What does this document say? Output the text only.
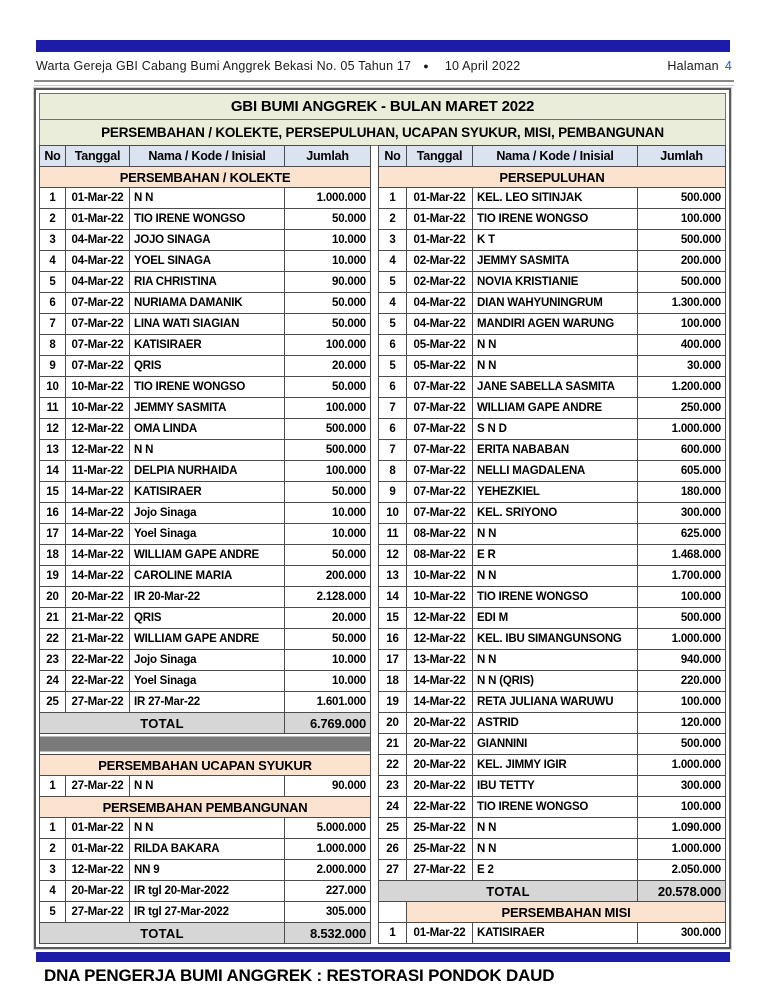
Warta Gereja GBI Cabang Bumi Anggrek Bekasi No. 05 Tahun 17 ● 10 April 2022	Halaman 4
GBI BUMI ANGGREK - BULAN MARET 2022
PERSEMBAHAN / KOLEKTE, PERSEPULUHAN, UCAPAN SYUKUR, MISI, PEMBANGUNAN
No	Tanggal	Nama / Kode / Inisial	Jumlah
PERSEMBAHAN / KOLEKTE			
1	01-Mar-22	N N	1.000.000
2	01-Mar-22	TIO IRENE WONGSO	50.000
3	04-Mar-22	JOJO SINAGA	10.000
4	04-Mar-22	YOEL SINAGA	10.000
5	04-Mar-22	RIA CHRISTINA	90.000
6	07-Mar-22	NURIAMA DAMANIK	50.000
7	07-Mar-22	LINA WATI SIAGIAN	50.000
8	07-Mar-22	KATISIRAER	100.000
9	07-Mar-22	QRIS	20.000
10	10-Mar-22	TIO IRENE WONGSO	50.000
11	10-Mar-22	JEMMY SASMITA	100.000
12	12-Mar-22	OMA LINDA	500.000
13	12-Mar-22	N N	500.000
14	11-Mar-22	DELPIA NURHAIDA	100.000
15	14-Mar-22	KATISIRAER	50.000
16	14-Mar-22	Jojo Sinaga	10.000
17	14-Mar-22	Yoel Sinaga	10.000
18	14-Mar-22	WILLIAM GAPE ANDRE	50.000
19	14-Mar-22	CAROLINE MARIA	200.000
20	20-Mar-22	IR 20-Mar-22	2.128.000
21	21-Mar-22	QRIS	20.000
22	21-Mar-22	WILLIAM GAPE ANDRE	50.000
23	22-Mar-22	Jojo Sinaga	10.000
24	22-Mar-22	Yoel Sinaga	10.000
25	27-Mar-22	IR 27-Mar-22	1.601.000
TOTAL			6.769.000

PERSEMBAHAN UCAPAN SYUKUR			
1	27-Mar-22	N N	90.000
PERSEMBAHAN PEMBANGUNAN			
1	01-Mar-22	N N	5.000.000
2	01-Mar-22	RILDA BAKARA	1.000.000
3	12-Mar-22	NN 9	2.000.000
4	20-Mar-22	IR tgl 20-Mar-2022	227.000
5	27-Mar-22	IR tgl 27-Mar-2022	305.000
TOTAL			8.532.000
No	Tanggal	Nama / Kode / Inisial	Jumlah
PERSEPULUHAN			
1	01-Mar-22	KEL. LEO SITINJAK	500.000
2	01-Mar-22	TIO IRENE WONGSO	100.000
3	01-Mar-22	K T	500.000
4	02-Mar-22	JEMMY SASMITA	200.000
5	02-Mar-22	NOVIA KRISTIANIE	500.000
4	04-Mar-22	DIAN WAHYUNINGRUM	1.300.000
5	04-Mar-22	MANDIRI AGEN WARUNG	100.000
6	05-Mar-22	N N	400.000
5	05-Mar-22	N N	30.000
6	07-Mar-22	JANE SABELLA SASMITA	1.200.000
7	07-Mar-22	WILLIAM GAPE ANDRE	250.000
6	07-Mar-22	S N D	1.000.000
7	07-Mar-22	ERITA NABABAN	600.000
8	07-Mar-22	NELLI MAGDALENA	605.000
9	07-Mar-22	YEHEZKIEL	180.000
10	07-Mar-22	KEL. SRIYONO	300.000
11	08-Mar-22	N N	625.000
12	08-Mar-22	E R	1.468.000
13	10-Mar-22	N N	1.700.000
14	10-Mar-22	TIO IRENE WONGSO	100.000
15	12-Mar-22	EDI M	500.000
16	12-Mar-22	KEL. IBU SIMANGUNSONG	1.000.000
17	13-Mar-22	N N	940.000
18	14-Mar-22	N N (QRIS)	220.000
19	14-Mar-22	RETA JULIANA WARUWU	100.000
20	20-Mar-22	ASTRID	120.000
21	20-Mar-22	GIANNINI	500.000
22	20-Mar-22	KEL. JIMMY IGIR	1.000.000
23	20-Mar-22	IBU TETTY	300.000
24	22-Mar-22	TIO IRENE WONGSO	100.000
25	25-Mar-22	N N	1.090.000
26	25-Mar-22	N N	1.000.000
27	27-Mar-22	E 2	2.050.000
TOTAL			20.578.000
	PERSEMBAHAN MISI		
1	01-Mar-22	KATISIRAER	300.000
DNA PENGERJA BUMI ANGGREK : RESTORASI PONDOK DAUD
